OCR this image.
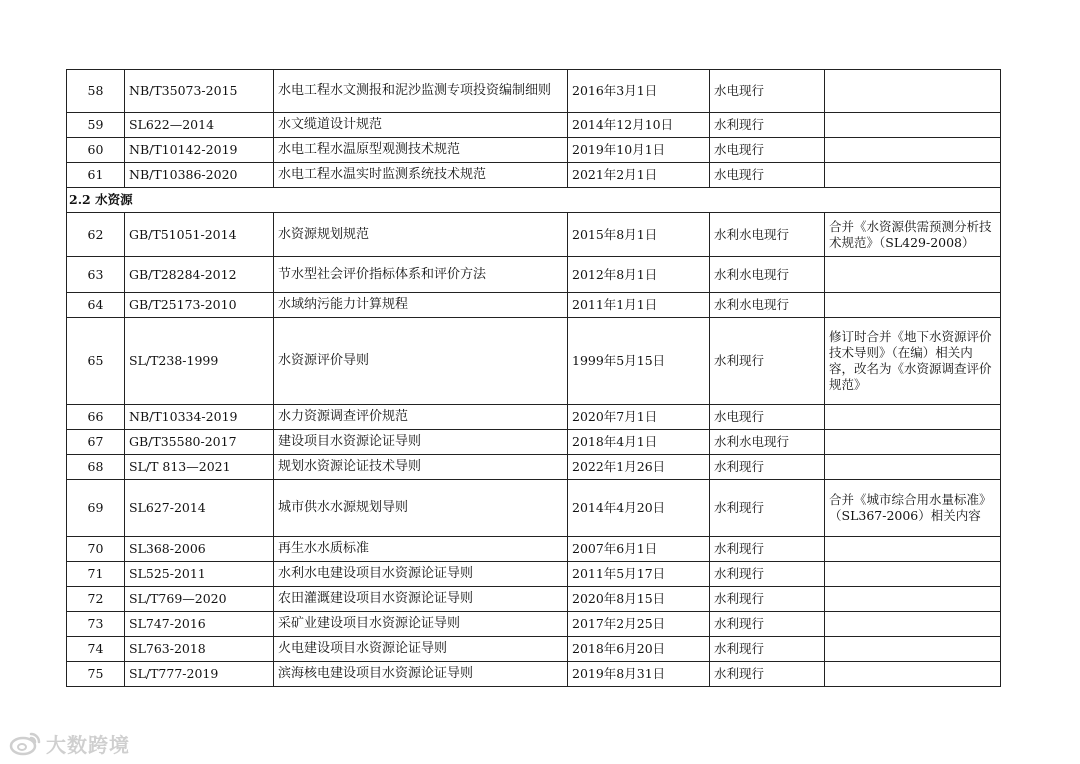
58	NB/T35073-2015	水电工程水文测报和泥沙监测专项投资编制细则	2016年3月1日	水电现行	
59	SL622—2014	水文缆道设计规范	2014年12月10日	水利现行	
60	NB/T10142-2019	水电工程水温原型观测技术规范	2019年10月1日	水电现行	
61	NB/T10386-2020	水电工程水温实时监测系统技术规范	2021年2月1日	水电现行	
2.2 水资源					
62	GB/T51051-2014	水资源规划规范	2015年8月1日	水利水电现行	合并《水资源供需预测分析技术规范》（SL429-2008）
63	GB/T28284-2012	节水型社会评价指标体系和评价方法	2012年8月1日	水利水电现行	
64	GB/T25173-2010	水域纳污能力计算规程	2011年1月1日	水利水电现行	
65	SL/T238-1999	水资源评价导则	1999年5月15日	水利现行	修订时合并《地下水资源评价技术导则》（在编）相关内容，改名为《水资源调查评价规范》
66	NB/T10334-2019	水力资源调查评价规范	2020年7月1日	水电现行	
67	GB/T35580-2017	建设项目水资源论证导则	2018年4月1日	水利水电现行	
68	SL/T 813—2021	规划水资源论证技术导则	2022年1月26日	水利现行	
69	SL627-2014	城市供水水源规划导则	2014年4月20日	水利现行	合并《城市综合用水量标准》（SL367-2006）相关内容
70	SL368-2006	再生水水质标准	2007年6月1日	水利现行	
71	SL525-2011	水利水电建设项目水资源论证导则	2011年5月17日	水利现行	
72	SL/T769—2020	农田灌溉建设项目水资源论证导则	2020年8月15日	水利现行	
73	SL747-2016	采矿业建设项目水资源论证导则	2017年2月25日	水利现行	
74	SL763-2018	火电建设项目水资源论证导则	2018年6月20日	水利现行	
75	SL/T777-2019	滨海核电建设项目水资源论证导则	2019年8月31日	水利现行	
大数跨境
